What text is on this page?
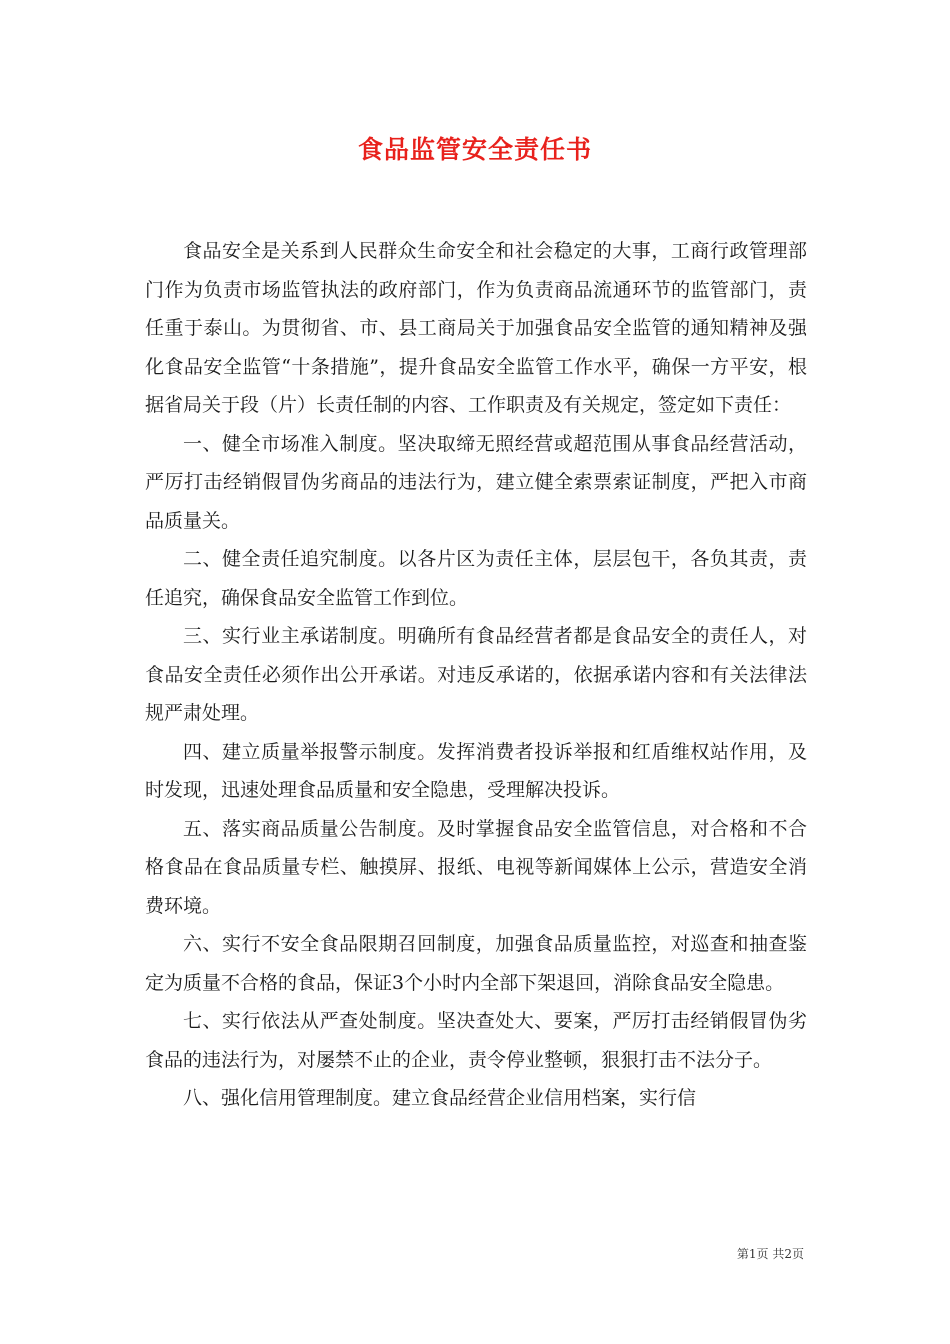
食品监管安全责任书

食品安全是关系到人民群众生命安全和社会稳定的大事，工商行政管理部门作为负责市场监管执法的政府部门，作为负责商品流通环节的监管部门，责任重于泰山。为贯彻省、市、县工商局关于加强食品安全监管的通知精神及强化食品安全监管“十条措施”，提升食品安全监管工作水平，确保一方平安，根据省局关于段（片）长责任制的内容、工作职责及有关规定，签定如下责任：

一、健全市场准入制度。坚决取缔无照经营或超范围从事食品经营活动，严厉打击经销假冒伪劣商品的违法行为，建立健全索票索证制度，严把入市商品质量关。

二、健全责任追究制度。以各片区为责任主体，层层包干，各负其责，责任追究，确保食品安全监管工作到位。

三、实行业主承诺制度。明确所有食品经营者都是食品安全的责任人，对食品安全责任必须作出公开承诺。对违反承诺的，依据承诺内容和有关法律法规严肃处理。

四、建立质量举报警示制度。发挥消费者投诉举报和红盾维权站作用，及时发现，迅速处理食品质量和安全隐患，受理解决投诉。

五、落实商品质量公告制度。及时掌握食品安全监管信息，对合格和不合格食品在食品质量专栏、触摸屏、报纸、电视等新闻媒体上公示，营造安全消费环境。

六、实行不安全食品限期召回制度，加强食品质量监控，对巡查和抽查鉴定为质量不合格的食品，保证3个小时内全部下架退回，消除食品安全隐患。

七、实行依法从严查处制度。坚决查处大、要案，严厉打击经销假冒伪劣食品的违法行为，对屡禁不止的企业，责令停业整顿，狠狠打击不法分子。

八、强化信用管理制度。建立食品经营企业信用档案，实行信

第1页 共2页
